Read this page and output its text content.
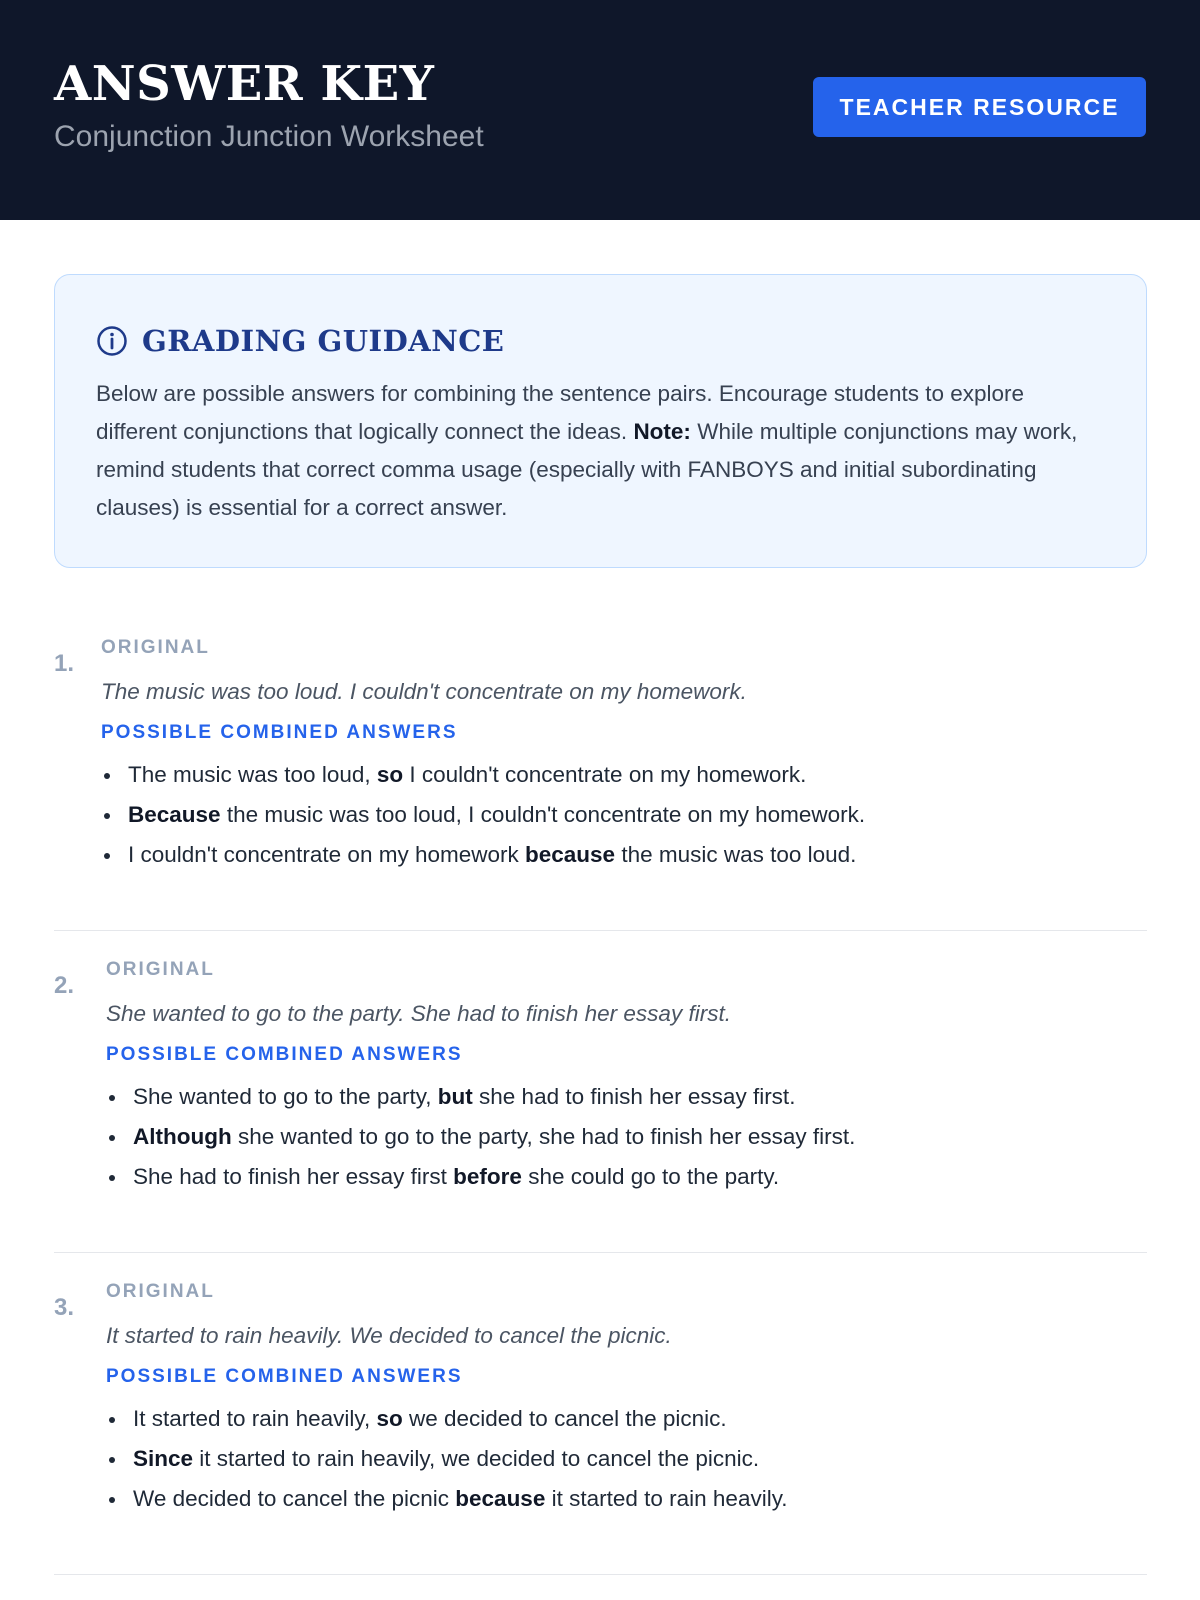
ANSWER KEY
Conjunction Junction Worksheet
TEACHER RESOURCE
GRADING GUIDANCE

Below are possible answers for combining the sentence pairs. Encourage students to explore different conjunctions that logically connect the ideas. Note: While multiple conjunctions may work, remind students that correct comma usage (especially with FANBOYS and initial subordinating clauses) is essential for a correct answer.

1.
ORIGINAL
The music was too loud. I couldn't concentrate on my homework.
POSSIBLE COMBINED ANSWERS
The music was too loud, so I couldn't concentrate on my homework.
Because the music was too loud, I couldn't concentrate on my homework.
I couldn't concentrate on my homework because the music was too loud.
2.
ORIGINAL
She wanted to go to the party. She had to finish her essay first.
POSSIBLE COMBINED ANSWERS
She wanted to go to the party, but she had to finish her essay first.
Although she wanted to go to the party, she had to finish her essay first.
She had to finish her essay first before she could go to the party.
3.
ORIGINAL
It started to rain heavily. We decided to cancel the picnic.
POSSIBLE COMBINED ANSWERS
It started to rain heavily, so we decided to cancel the picnic.
Since it started to rain heavily, we decided to cancel the picnic.
We decided to cancel the picnic because it started to rain heavily.
